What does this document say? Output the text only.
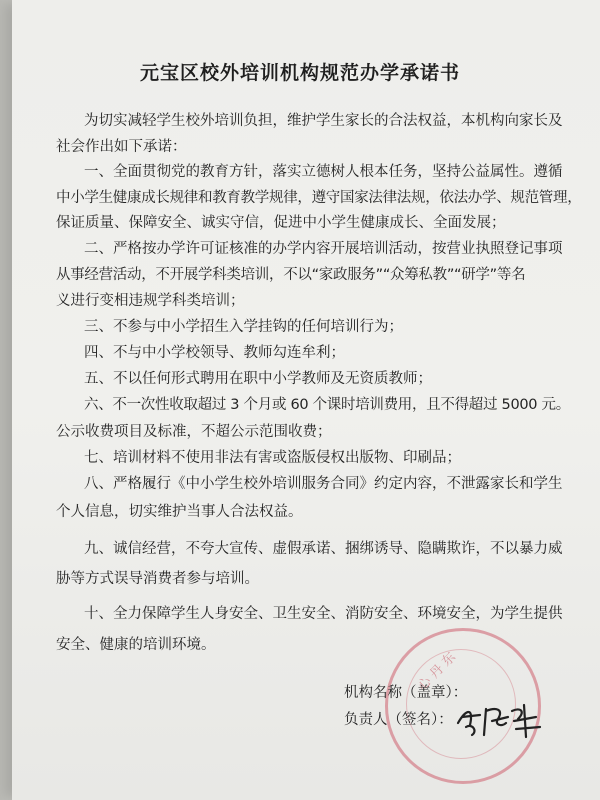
元宝区校外培训机构规范办学承诺书
为切实减轻学生校外培训负担，维护学生家长的合法权益，本机构向家长及
社会作出如下承诺：
一、全面贯彻党的教育方针，落实立德树人根本任务，坚持公益属性。遵循
中小学生健康成长规律和教育教学规律，遵守国家法律法规，依法办学、规范管理，
保证质量、保障安全、诚实守信，促进中小学生健康成长、全面发展；
二、严格按办学许可证核准的办学内容开展培训活动，按营业执照登记事项
从事经营活动，不开展学科类培训，不以“家政服务”“众筹私教”“研学”等名
义进行变相违规学科类培训；
三、不参与中小学招生入学挂钩的任何培训行为；
四、不与中小学校领导、教师勾连牟利；
五、不以任何形式聘用在职中小学教师及无资质教师；
六、不一次性收取超过 3 个月或 60 个课时培训费用，且不得超过 5000 元。
公示收费项目及标准，不超公示范围收费；
七、培训材料不使用非法有害或盗版侵权出版物、印刷品；
八、严格履行《中小学生校外培训服务合同》约定内容，不泄露家长和学生
个人信息，切实维护当事人合法权益。
九、诚信经营，不夸大宣传、虚假承诺、捆绑诱导、隐瞒欺诈，不以暴力威
胁等方式误导消费者参与培训。
十、全力保障学生人身安全、卫生安全、消防安全、环境安全，为学生提供
安全、健康的培训环境。
心 丹 东
机构名称（盖章）：
负责人（签名）：
